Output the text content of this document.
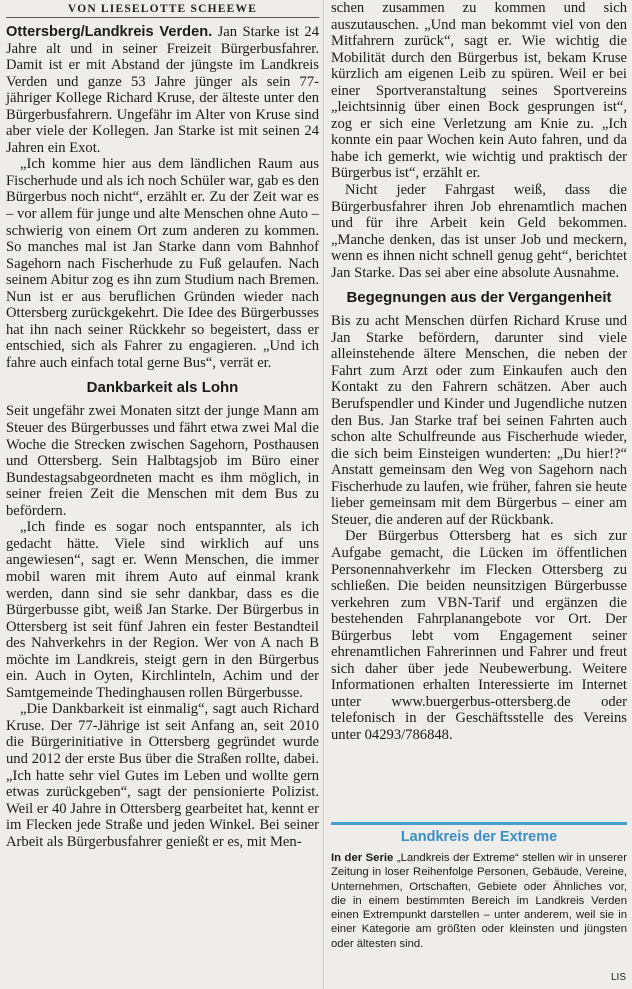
VON LIESELOTTE SCHEEWE

Ottersberg/Landkreis Verden. Jan Starke ist 24 Jahre alt und in seiner Freizeit Bürgerbusfahrer. Damit ist er mit Abstand der jüngste im Landkreis Verden und ganze 53 Jahre jünger als sein 77-jähriger Kollege Richard Kruse, der älteste unter den Bürgerbusfahrern. Ungefähr im Alter von Kruse sind aber viele der Kollegen. Jan Starke ist mit seinen 24 Jahren ein Exot.

„Ich komme hier aus dem ländlichen Raum aus Fischerhude und als ich noch Schüler war, gab es den Bürgerbus noch nicht“, erzählt er. Zu der Zeit war es – vor allem für junge und alte Menschen ohne Auto – schwierig von einem Ort zum anderen zu kommen. So manches mal ist Jan Starke dann vom Bahnhof Sagehorn nach Fischerhude zu Fuß gelaufen. Nach seinem Abitur zog es ihn zum Studium nach Bremen. Nun ist er aus beruflichen Gründen wieder nach Ottersberg zurückgekehrt. Die Idee des Bürgerbusses hat ihn nach seiner Rückkehr so begeistert, dass er entschied, sich als Fahrer zu engagieren. „Und ich fahre auch einfach total gerne Bus“, verrät er.

Dankbarkeit als Lohn

Seit ungefähr zwei Monaten sitzt der junge Mann am Steuer des Bürgerbusses und fährt etwa zwei Mal die Woche die Strecken zwischen Sagehorn, Posthausen und Ottersberg. Sein Halbtagsjob im Büro einer Bundestagsabgeordneten macht es ihm möglich, in seiner freien Zeit die Menschen mit dem Bus zu befördern.

„Ich finde es sogar noch entspannter, als ich gedacht hätte. Viele sind wirklich auf uns angewiesen“, sagt er. Wenn Menschen, die immer mobil waren mit ihrem Auto auf einmal krank werden, dann sind sie sehr dankbar, dass es die Bürgerbusse gibt, weiß Jan Starke. Der Bürgerbus in Ottersberg ist seit fünf Jahren ein fester Bestandteil des Nahverkehrs in der Region. Wer von A nach B möchte im Landkreis, steigt gern in den Bürgerbus ein. Auch in Oyten, Kirchlinteln, Achim und der Samtgemeinde Thedinghausen rollen Bürgerbusse.

„Die Dankbarkeit ist einmalig“, sagt auch Richard Kruse. Der 77-Jährige ist seit Anfang an, seit 2010 die Bürgerinitiative in Ottersberg gegründet wurde und 2012 der erste Bus über die Straßen rollte, dabei. „Ich hatte sehr viel Gutes im Leben und wollte gern etwas zurückgeben“, sagt der pensionierte Polizist. Weil er 40 Jahre in Ottersberg gearbeitet hat, kennt er im Flecken jede Straße und jeden Winkel. Bei seiner Arbeit als Bürgerbusfahrer genießt er es, mit Men-

schen zusammen zu kommen und sich auszutauschen. „Und man bekommt viel von den Mitfahrern zurück“, sagt er. Wie wichtig die Mobilität durch den Bürgerbus ist, bekam Kruse kürzlich am eigenen Leib zu spüren. Weil er bei einer Sportveranstaltung seines Sportvereins „leichtsinnig über einen Bock gesprungen ist“, zog er sich eine Verletzung am Knie zu. „Ich konnte ein paar Wochen kein Auto fahren, und da habe ich gemerkt, wie wichtig und praktisch der Bürgerbus ist“, erzählt er.

Nicht jeder Fahrgast weiß, dass die Bürgerbusfahrer ihren Job ehrenamtlich machen und für ihre Arbeit kein Geld bekommen. „Manche denken, das ist unser Job und meckern, wenn es ihnen nicht schnell genug geht“, berichtet Jan Starke. Das sei aber eine absolute Ausnahme.

Begegnungen aus der Vergangenheit

Bis zu acht Menschen dürfen Richard Kruse und Jan Starke befördern, darunter sind viele alleinstehende ältere Menschen, die neben der Fahrt zum Arzt oder zum Einkaufen auch den Kontakt zu den Fahrern schätzen. Aber auch Berufspendler und Kinder und Jugendliche nutzen den Bus. Jan Starke traf bei seinen Fahrten auch schon alte Schulfreunde aus Fischerhude wieder, die sich beim Einsteigen wunderten: „Du hier!?“ Anstatt gemeinsam den Weg von Sagehorn nach Fischerhude zu laufen, wie früher, fahren sie heute lieber gemeinsam mit dem Bürgerbus – einer am Steuer, die anderen auf der Rückbank.

Der Bürgerbus Ottersberg hat es sich zur Aufgabe gemacht, die Lücken im öffentlichen Personennahverkehr im Flecken Ottersberg zu schließen. Die beiden neunsitzigen Bürgerbusse verkehren zum VBN-Tarif und ergänzen die bestehenden Fahrplanangebote vor Ort. Der Bürgerbus lebt vom Engagement seiner ehrenamtlichen Fahrerinnen und Fahrer und freut sich daher über jede Neubewerbung. Weitere Informationen erhalten Interessierte im Internet unter www.buergerbus-ottersberg.de oder telefonisch in der Geschäftsstelle des Vereins unter 04293/786848.

Landkreis der Extreme

In der Serie „Landkreis der Extreme“ stellen wir in unserer Zeitung in loser Reihenfolge Personen, Gebäude, Vereine, Unternehmen, Ortschaften, Gebiete oder Ähnliches vor, die in einem bestimmten Bereich im Landkreis Verden einen Extrempunkt darstellen – unter anderem, weil sie in einer Kategorie am größten oder kleinsten und jüngsten oder ältesten sind.

LIS
